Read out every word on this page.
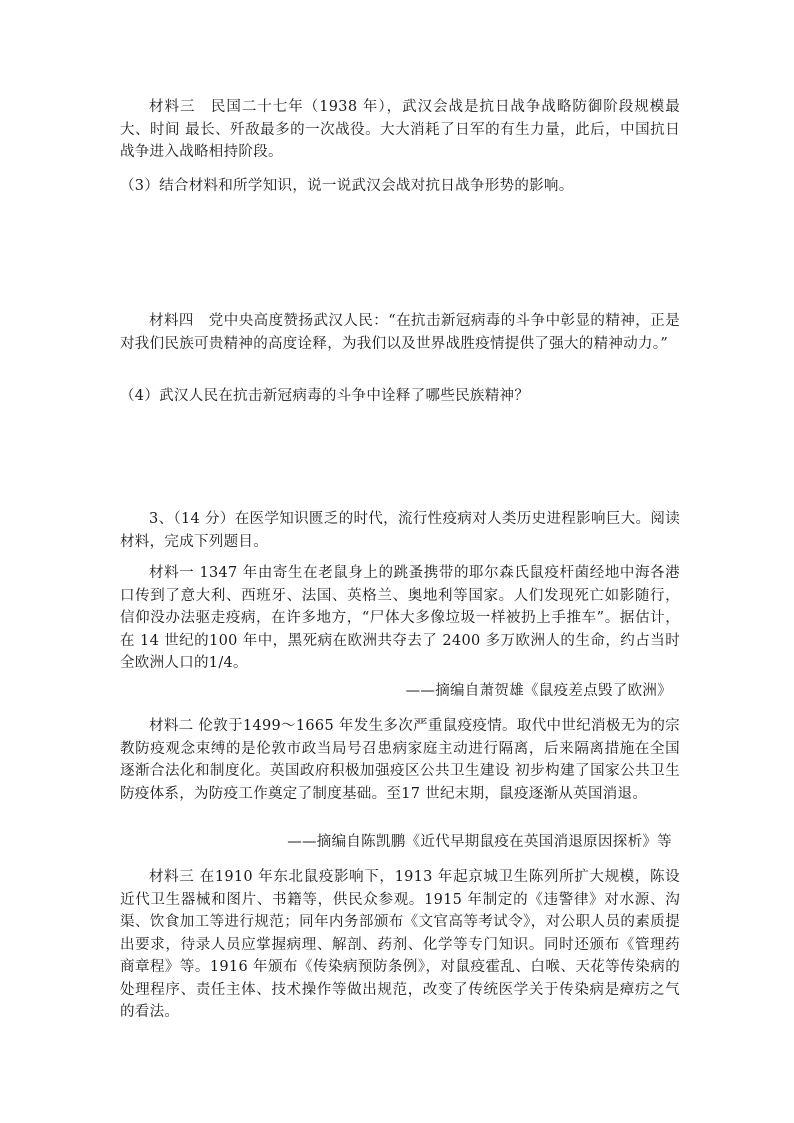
材料三　民国二十七年（1938 年），武汉会战是抗日战争战略防御阶段规模最大、时间 最长、歼敌最多的一次战役。大大消耗了日军的有生力量，此后，中国抗日战争进入战略相持阶段。
（3）结合材料和所学知识，说一说武汉会战对抗日战争形势的影响。
材料四　党中央高度赞扬武汉人民：“在抗击新冠病毒的斗争中彰显的精神，正是对我们民族可贵精神的高度诠释，为我们以及世界战胜疫情提供了强大的精神动力。”
（4）武汉人民在抗击新冠病毒的斗争中诠释了哪些民族精神？
3、（14 分）在医学知识匮乏的时代，流行性疫病对人类历史进程影响巨大。阅读材料，完成下列题目。
材料一 1347 年由寄生在老鼠身上的跳蚤携带的耶尔森氏鼠疫杆菌经地中海各港口传到了意大利、西班牙、法国、英格兰、奥地利等国家。人们发现死亡如影随行，信仰没办法驱走疫病，在许多地方，“尸体大多像垃圾一样被扔上手推车”。据估计，在 14 世纪的100 年中，黑死病在欧洲共夺去了 2400 多万欧洲人的生命，约占当时全欧洲人口的1/4。
——摘编自萧贺雄《鼠疫差点毁了欧洲》
材料二 伦敦于1499～1665 年发生多次严重鼠疫疫情。取代中世纪消极无为的宗教防疫观念束缚的是伦敦市政当局号召患病家庭主动进行隔离，后来隔离措施在全国逐渐合法化和制度化。英国政府积极加强疫区公共卫生建设 初步构建了国家公共卫生防疫体系，为防疫工作奠定了制度基础。至17 世纪末期，鼠疫逐渐从英国消退。
——摘编自陈凯鹏《近代早期鼠疫在英国消退原因探析》等
材料三 在1910 年东北鼠疫影响下，1913 年起京城卫生陈列所扩大规模，陈设近代卫生器械和图片、书籍等，供民众参观。1915 年制定的《违警律》对水源、沟渠、饮食加工等进行规范；同年内务部颁布《文官高等考试令》，对公职人员的素质提出要求，待录人员应掌握病理、解剖、药剂、化学等专门知识。同时还颁布《管理药商章程》等。1916 年颁布《传染病预防条例》，对鼠疫霍乱、白喉、天花等传染病的处理程序、责任主体、技术操作等做出规范，改变了传统医学关于传染病是瘴疠之气的看法。
